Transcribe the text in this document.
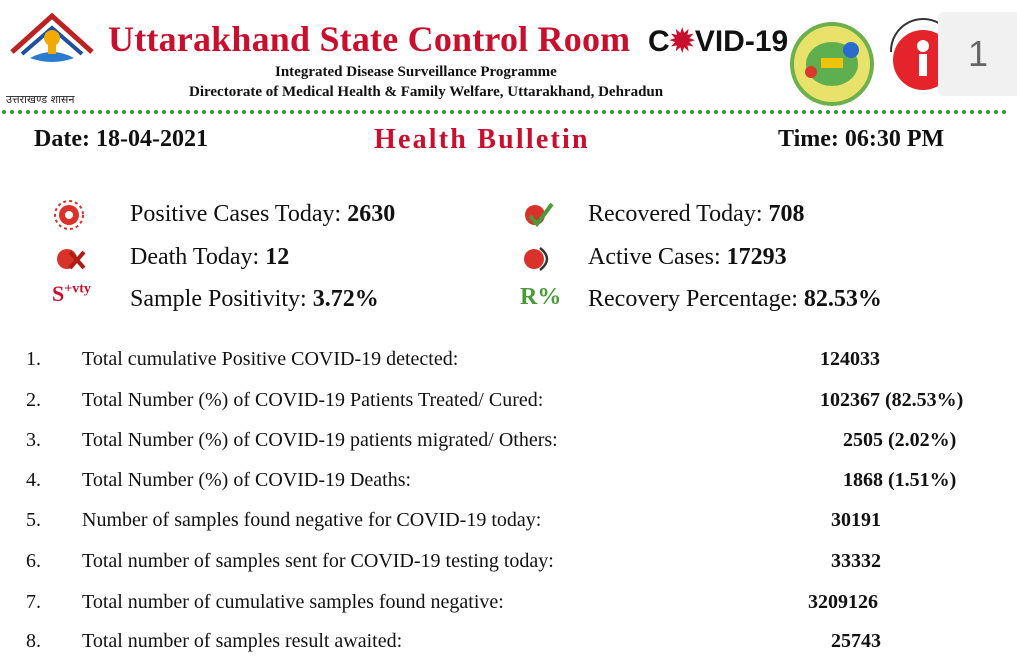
उत्तराखण्ड शासन
Uttarakhand State Control Room C✹VID-19
Integrated Disease Surveillance Programme
Directorate of Medical Health & Family Welfare, Uttarakhand, Dehradun
1
Date: 18-04-2021	Health Bulletin	Time: 06:30 PM
Positive Cases Today: 2630
Death Today: 12
$S^{+vty}$ Sample Positivity: 3.72%
Recovered Today: 708
Active Cases: 17293
R% Recovery Percentage: 82.53%
1.	Total cumulative Positive COVID-19 detected:	124033
2.	Total Number (%) of COVID-19 Patients Treated/ Cured:	102367 (82.53%)
3.	Total Number (%) of COVID-19 patients migrated/ Others:	2505 (2.02%)
4.	Total Number (%) of COVID-19 Deaths:	1868 (1.51%)
5.	Number of samples found negative for COVID-19 today:	30191
6.	Total number of samples sent for COVID-19 testing today:	33332
7.	Total number of cumulative samples found negative:	3209126
8.	Total number of samples result awaited:	25743
